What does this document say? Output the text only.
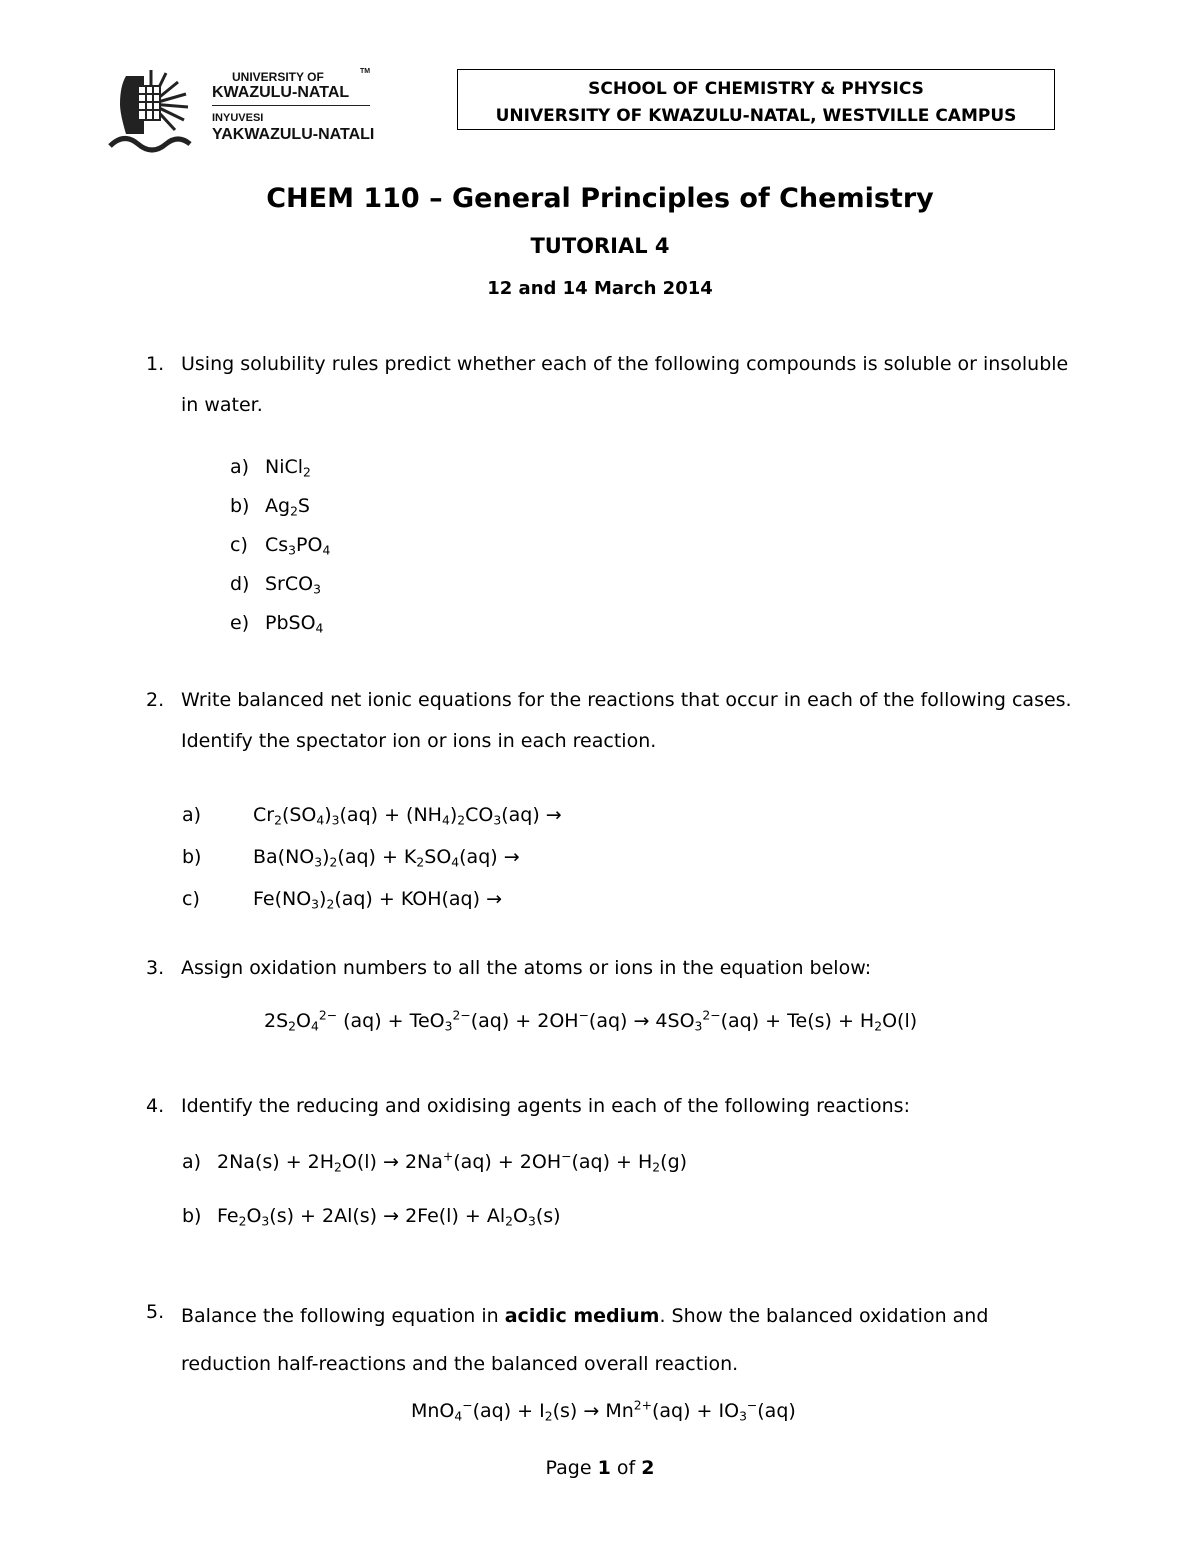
UNIVERSITY OF	TM
KWAZULU-NATAL
INYUVESI
YAKWAZULU-NATALI
SCHOOL OF CHEMISTRY & PHYSICS
UNIVERSITY OF KWAZULU-NATAL, WESTVILLE CAMPUS
CHEM 110 – General Principles of Chemistry
TUTORIAL 4
12 and 14 March 2014
1. Using solubility rules predict whether each of the following compounds is soluble or insoluble in water.
a) NiCl$_2$
b) $Ag_2S$
c) $Cs_3PO_4$
d) SrCO$_3$
e) PbSO$_4$
2. Write balanced net ionic equations for the reactions that occur in each of the following cases. Identify the spectator ion or ions in each reaction.
a)	$Cr_2(SO_4)_3(aq) + (NH_4)_2CO_3(aq)$ →
b)	$Ba(NO_3)_2(aq) + K_2SO_4(aq)$ →
c)	$Fe(NO_3)_2(aq) + KOH(aq)$ →
3. Assign oxidation numbers to all the atoms or ions in the equation below:
$2S_2O_4^{2-}$ $(aq) + TeO_3^{2-}(aq) + 2OH^-(aq) \to 4SO_3^{2-}(aq) + Te(s) + H_2O(l)$
4. Identify the reducing and oxidising agents in each of the following reactions:
a) $2Na(s) + 2H_2O(l) \to 2Na^+(aq) + 2OH^-(aq) + H_2(g)$
b) $Fe_2O_3(s) + 2Al(s) \to 2Fe(l) + Al_2O_3(s)$
5. Balance the following equation in acidic medium. Show the balanced oxidation and reduction half-reactions and the balanced overall reaction.
$MnO_4^-(aq) + I_2(s) \to Mn^{2+}(aq) + IO_3^-(aq)$
Page 1 of 2
